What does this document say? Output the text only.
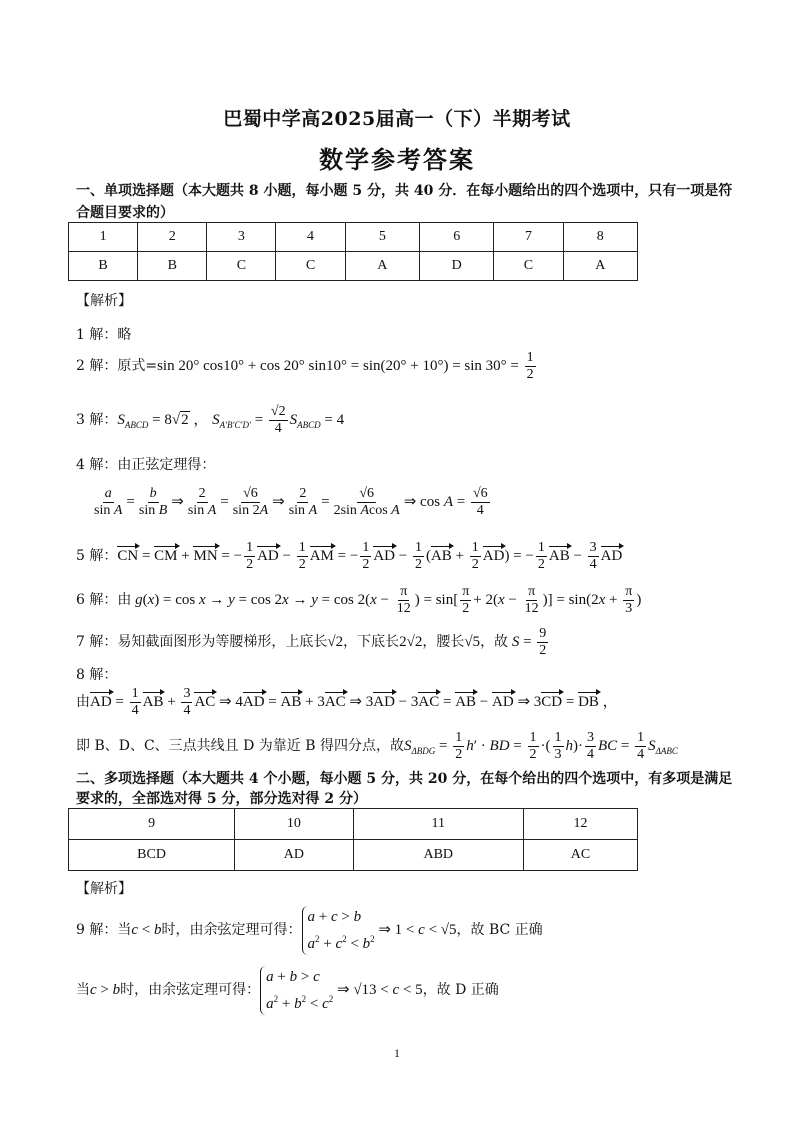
巴蜀中学高2025届高一（下）半期考试
数学参考答案
一、单项选择题（本大题共 8 小题，每小题 5 分，共 40 分．在每小题给出的四个选项中，只有一项是符
合题目要求的）
1	2	3	4	5	6	7	8
B	B	C	C	A	D	C	A
【解析】
1 解：略
2 解：原式=sin 20° cos10° + cos 20° $\sin 10^\circ = \sin(20^\circ + 10^\circ) = \sin 30^\circ = \frac{1}{2}$
3 解：$S_{ABCD} = 8√2$ ， $S_{A'B'C'D'} = \frac{√2}{4} S_{ABCD} = 4$
4 解：由正弦定理得：
$\frac{a}{\text{sin A}} = \frac{b}{\text{sin B}}$ ⇒ $\frac{2}{\text{sin A}} = \frac{√6}{\sin 2A}$ ⇒ $\frac{2}{\text{sin A}} = \frac{√6}{\text{2sin Acos A}}$ ⇒ $\cos A = \frac{√6}{4}$
5 解：CN = CM + MN = − $\frac{1}{2}$ AD − $\frac{1}{2}$ AM = − $\frac{1}{2}$ AD − $\frac{1}{2} (AB + \frac{1}{2} AD)$ = − $\frac{1}{2}$ AB − $\frac{3}{4}$ AD
6 解：由 $g(x) = \cos x \to y = \cos 2x \to y = \cos 2(x - \frac{\pi}{12}$ ) = $\sin[ \frac{\pi}{2} + 2(x - \frac{\pi}{12}$ )] = $\sin(2x + \frac{\pi}{3}$ )
7 解：易知截面图形为等腰梯形，上底长√2，下底长2√2，腰长√5，故 $S = \frac{9}{2}$
8 解：
由AD = $\frac{1}{4}$ AB + $\frac{3}{4}$ AC ⇒ 4AD = AB + 3AC ⇒ 3AD − 3AC = AB − AD ⇒ 3CD = DB ，
即 B、D、C、三点共线且 D 为靠近 B 得四分点，故$S_{\Delta BDG} = \frac{1}{2} h'$ · BD = $\frac{1}{2}$ ·( $\frac{1}{3} h)\cdot \frac{3}{4}$ BC = $\frac{1}{4} S_{\Delta ABC}$
二、多项选择题（本大题共 4 个小题，每小题 5 分，共 20 分，在每个给出的四个选项中，有多项是满足
要求的，全部选对得 5 分，部分选对得 2 分）
9	10	11	12
BCD	AD	ABD	AC
【解析】
9 解：当c < b时，由余弦定理可得：
a + c > b
$a^2 + c^2 < b^2$
⇒ 1 < c < √5，故 BC 正确
当c > b时，由余弦定理可得：
a + b > c
$a^2 + b^2 < c^2$
⇒ √13 < c < 5，故 D 正确
1
